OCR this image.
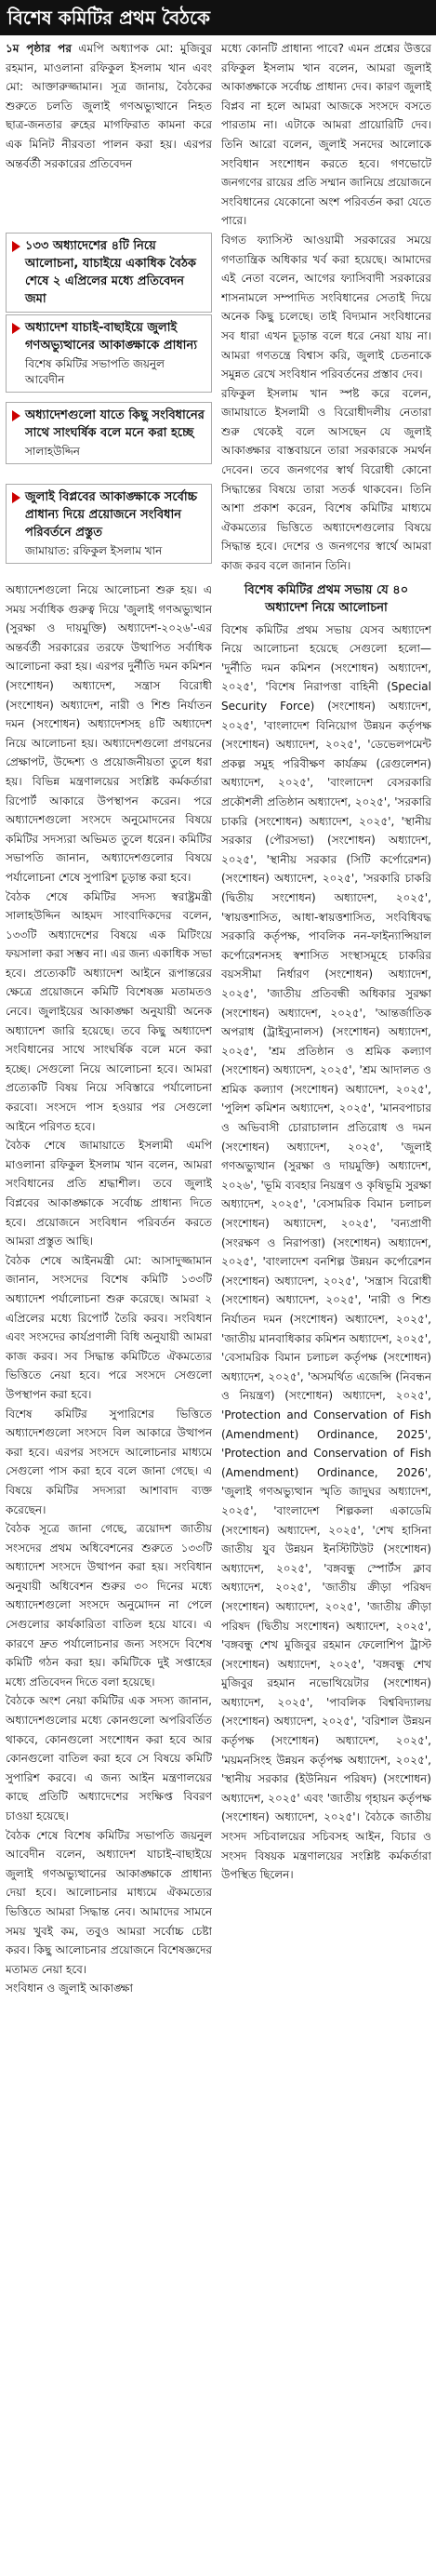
বিশেষ কমিটির প্রথম বৈঠকে

১ম পৃষ্ঠার পর এমপি অধ্যাপক মো: মুজিবুর রহমান, মাওলানা রফিকুল ইসলাম খান এবং মো: আক্তারুজ্জামান। সূত্র জানায়, বৈঠকের শুরুতে চলতি জুলাই গণঅভ্যুত্থানে নিহত ছাত্র-জনতার রুহের মাগফিরাত কামনা করে এক মিনিট নীরবতা পালন করা হয়। এরপর অন্তর্বর্তী সরকারের প্রতিবেদন

১৩৩ অধ্যাদেশের ৪টি নিয়ে আলোচনা, যাচাইয়ে একাধিক বৈঠক শেষে ২ এপ্রিলের মধ্যে প্রতিবেদন জমা
অধ্যাদেশ যাচাই-বাছাইয়ে জুলাই গণঅভ্যুত্থানের আকাঙ্ক্ষাকে প্রাধান্য
বিশেষ কমিটির সভাপতি জয়নুল আবেদীন
অধ্যাদেশগুলো যাতে কিছু সংবিধানের সাথে সাংঘর্ষিক বলে মনে করা হচ্ছে
সালাহউদ্দিন
জুলাই বিপ্লবের আকাঙ্ক্ষাকে সর্বোচ্চ প্রাধান্য দিয়ে প্রয়োজনে সংবিধান পরিবর্তনে প্রস্তুত
জামায়াত: রফিকুল ইসলাম খান

অধ্যাদেশগুলো নিয়ে আলোচনা শুরু হয়। এ সময় সর্বাধিক গুরুত্ব দিয়ে 'জুলাই গণঅভ্যুত্থান (সুরক্ষা ও দায়মুক্তি) অধ্যাদেশ-২০২৬'-এর অন্তর্বর্তী সরকারের তরফে উত্থাপিত সর্বাধিক আলোচনা করা হয়। এরপর দুর্নীতি দমন কমিশন (সংশোধন) অধ্যাদেশ, সন্ত্রাস বিরোধী (সংশোধন) অধ্যাদেশ, নারী ও শিশু নির্যাতন দমন (সংশোধন) অধ্যাদেশসহ ৪টি অধ্যাদেশ নিয়ে আলোচনা হয়। অধ্যাদেশগুলো প্রণয়নের প্রেক্ষাপট, উদ্দেশ্য ও প্রয়োজনীয়তা তুলে ধরা হয়। বিভিন্ন মন্ত্রণালয়ের সংশ্লিষ্ট কর্মকর্তারা রিপোর্ট আকারে উপস্থাপন করেন। পরে অধ্যাদেশগুলো সংসদে অনুমোদনের বিষয়ে কমিটির সদস্যরা অভিমত তুলে ধরেন। কমিটির সভাপতি জানান, অধ্যাদেশগুলোর বিষয়ে পর্যালোচনা শেষে সুপারিশ চূড়ান্ত করা হবে।

বৈঠক শেষে কমিটির সদস্য স্বরাষ্ট্রমন্ত্রী সালাহউদ্দিন আহমদ সাংবাদিকদের বলেন, ১৩৩টি অধ্যাদেশের বিষয়ে এক মিটিংয়ে ফয়সালা করা সম্ভব না। এর জন্য একাধিক সভা হবে। প্রত্যেকটি অধ্যাদেশ আইনে রূপান্তরের ক্ষেত্রে প্রয়োজনে কমিটি বিশেষজ্ঞ মতামতও নেবে। জুলাইয়ের আকাঙ্ক্ষা অনুযায়ী অনেক অধ্যাদেশ জারি হয়েছে। তবে কিছু অধ্যাদেশ সংবিধানের সাথে সাংঘর্ষিক বলে মনে করা হচ্ছে। সেগুলো নিয়ে আলোচনা হবে। আমরা প্রত্যেকটি বিষয় নিয়ে সবিস্তারে পর্যালোচনা করবো। সংসদে পাস হওয়ার পর সেগুলো আইনে পরিণত হবে।

বৈঠক শেষে জামায়াতে ইসলামী এমপি মাওলানা রফিকুল ইসলাম খান বলেন, আমরা সংবিধানের প্রতি শ্রদ্ধাশীল। তবে জুলাই বিপ্লবের আকাঙ্ক্ষাকে সর্বোচ্চ প্রাধান্য দিতে হবে। প্রয়োজনে সংবিধান পরিবর্তন করতে আমরা প্রস্তুত আছি।

বৈঠক শেষে আইনমন্ত্রী মো: আসাদুজ্জামান জানান, সংসদের বিশেষ কমিটি ১৩৩টি অধ্যাদেশ পর্যালোচনা শুরু করেছে। আমরা ২ এপ্রিলের মধ্যে রিপোর্ট তৈরি করব। সংবিধান এবং সংসদের কার্যপ্রণালী বিধি অনুযায়ী আমরা কাজ করব। সব সিদ্ধান্ত কমিটিতে ঐকমত্যের ভিত্তিতে নেয়া হবে। পরে সংসদে সেগুলো উপস্থাপন করা হবে।

বিশেষ কমিটির সুপারিশের ভিত্তিতে অধ্যাদেশগুলো সংসদে বিল আকারে উত্থাপন করা হবে। এরপর সংসদে আলোচনার মাধ্যমে সেগুলো পাস করা হবে বলে জানা গেছে। এ বিষয়ে কমিটির সদস্যরা আশাবাদ ব্যক্ত করেছেন।

বৈঠক সূত্রে জানা গেছে, ত্রয়োদশ জাতীয় সংসদের প্রথম অধিবেশনের শুরুতে ১৩৩টি অধ্যাদেশ সংসদে উত্থাপন করা হয়। সংবিধান অনুযায়ী অধিবেশন শুরুর ৩০ দিনের মধ্যে অধ্যাদেশগুলো সংসদে অনুমোদন না পেলে সেগুলোর কার্যকারিতা বাতিল হয়ে যাবে। এ কারণে দ্রুত পর্যালোচনার জন্য সংসদে বিশেষ কমিটি গঠন করা হয়। কমিটিকে দুই সপ্তাহের মধ্যে প্রতিবেদন দিতে বলা হয়েছে।

বৈঠকে অংশ নেয়া কমিটির এক সদস্য জানান, অধ্যাদেশগুলোর মধ্যে কোনগুলো অপরিবর্তিত থাকবে, কোনগুলো সংশোধন করা হবে আর কোনগুলো বাতিল করা হবে সে বিষয়ে কমিটি সুপারিশ করবে। এ জন্য আইন মন্ত্রণালয়ের কাছে প্রতিটি অধ্যাদেশের সংক্ষিপ্ত বিবরণ চাওয়া হয়েছে।

বৈঠক শেষে বিশেষ কমিটির সভাপতি জয়নুল আবেদীন বলেন, অধ্যাদেশ যাচাই-বাছাইয়ে জুলাই গণঅভ্যুত্থানের আকাঙ্ক্ষাকে প্রাধান্য দেয়া হবে। আলোচনার মাধ্যমে ঐকমত্যের ভিত্তিতে আমরা সিদ্ধান্ত নেব। আমাদের সামনে সময় খুবই কম, তবুও আমরা সর্বোচ্চ চেষ্টা করব। কিছু আলোচনার প্রয়োজনে বিশেষজ্ঞদের মতামত নেয়া হবে।

সংবিধান ও জুলাই আকাঙ্ক্ষা

মধ্যে কোনটি প্রাধান্য পাবে? এমন প্রশ্নের উত্তরে রফিকুল ইসলাম খান বলেন, আমরা জুলাই আকাঙ্ক্ষাকে সর্বোচ্চ প্রাধান্য দেব। কারণ জুলাই বিপ্লব না হলে আমরা আজকে সংসদে বসতে পারতাম না। এটাকে আমরা প্রায়োরিটি দেব। তিনি আরো বলেন, জুলাই সনদের আলোকে সংবিধান সংশোধন করতে হবে। গণভোটে জনগণের রায়ের প্রতি সম্মান জানিয়ে প্রয়োজনে সংবিধানের যেকোনো অংশ পরিবর্তন করা যেতে পারে।

বিগত ফ্যাসিস্ট আওয়ামী সরকারের সময়ে গণতান্ত্রিক অধিকার খর্ব করা হয়েছে। আমাদের এই নেতা বলেন, আগের ফ্যাসিবাদী সরকারের শাসনামলে সম্পাদিত সংবিধানের সেতাই দিয়ে অনেক কিছু চলেছে। তাই বিদ্যমান সংবিধানের সব ধারা এখন চূড়ান্ত বলে ধরে নেয়া যায় না। আমরা গণতন্ত্রে বিশ্বাস করি, জুলাই চেতনাকে সমুন্নত রেখে সংবিধান পরিবর্তনের প্রস্তাব দেব।

রফিকুল ইসলাম খান স্পষ্ট করে বলেন, জামায়াতে ইসলামী ও বিরোধীদলীয় নেতারা শুরু থেকেই বলে আসছেন যে জুলাই আকাঙ্ক্ষার বাস্তবায়নে তারা সরকারকে সমর্থন দেবেন। তবে জনগণের স্বার্থ বিরোধী কোনো সিদ্ধান্তের বিষয়ে তারা সতর্ক থাকবেন। তিনি আশা প্রকাশ করেন, বিশেষ কমিটির মাধ্যমে ঐকমত্যের ভিত্তিতে অধ্যাদেশগুলোর বিষয়ে সিদ্ধান্ত হবে। দেশের ও জনগণের স্বার্থে আমরা কাজ করব বলে জানান তিনি।

বিশেষ কমিটির প্রথম সভায় যে ৪০ অধ্যাদেশ নিয়ে আলোচনা

বিশেষ কমিটির প্রথম সভায় যেসব অধ্যাদেশ নিয়ে আলোচনা হয়েছে সেগুলো হলো— 'দুর্নীতি দমন কমিশন (সংশোধন) অধ্যাদেশ, ২০২৫', 'বিশেষ নিরাপত্তা বাহিনী (Special Security Force) (সংশোধন) অধ্যাদেশ, ২০২৫', 'বাংলাদেশ বিনিয়োগ উন্নয়ন কর্তৃপক্ষ (সংশোধন) অধ্যাদেশ, ২০২৫', 'ডেভেলপমেন্ট প্রকল্প সমুহ পরিবীক্ষণ কার্যক্রম (রেগুলেশন) অধ্যাদেশ, ২০২৫', 'বাংলাদেশ বেসরকারি প্রকৌশলী প্রতিষ্ঠান অধ্যাদেশ, ২০২৫', 'সরকারি চাকরি (সংশোধন) অধ্যাদেশ, ২০২৫', 'স্থানীয় সরকার (পৌরসভা) (সংশোধন) অধ্যাদেশ, ২০২৫', 'স্থানীয় সরকার (সিটি কর্পোরেশন) (সংশোধন) অধ্যাদেশ, ২০২৫', 'সরকারি চাকরি (দ্বিতীয় সংশোধন) অধ্যাদেশ, ২০২৫', 'স্বায়ত্তশাসিত, আধা-স্বায়ত্তশাসিত, সংবিধিবদ্ধ সরকারি কর্তৃপক্ষ, পাবলিক নন-ফাইন্যান্সিয়াল কর্পোরেশনসহ স্বশাসিত সংস্থাসমূহে চাকরির বয়সসীমা নির্ধারণ (সংশোধন) অধ্যাদেশ, ২০২৫', 'জাতীয় প্রতিবন্ধী অধিকার সুরক্ষা (সংশোধন) অধ্যাদেশ, ২০২৫', 'আন্তর্জাতিক অপরাধ (ট্রাইব্যুনালস) (সংশোধন) অধ্যাদেশ, ২০২৫', 'শ্রম প্রতিষ্ঠান ও শ্রমিক কল্যাণ (সংশোধন) অধ্যাদেশ, ২০২৫', 'শ্রম আদালত ও শ্রমিক কল্যাণ (সংশোধন) অধ্যাদেশ, ২০২৫', 'পুলিশ কমিশন অধ্যাদেশ, ২০২৫', 'মানবপাচার ও অভিবাসী চোরাচালান প্রতিরোধ ও দমন (সংশোধন) অধ্যাদেশ, ২০২৫', 'জুলাই গণঅভ্যুত্থান (সুরক্ষা ও দায়মুক্তি) অধ্যাদেশ, ২০২৬', 'ভূমি ব্যবহার নিয়ন্ত্রণ ও কৃষিভূমি সুরক্ষা অধ্যাদেশ, ২০২৫', 'বেসামরিক বিমান চলাচল (সংশোধন) অধ্যাদেশ, ২০২৫', 'বন্যপ্রাণী (সংরক্ষণ ও নিরাপত্তা) (সংশোধন) অধ্যাদেশ, ২০২৫', 'বাংলাদেশ বনশিল্প উন্নয়ন কর্পোরেশন (সংশোধন) অধ্যাদেশ, ২০২৫', 'সন্ত্রাস বিরোধী (সংশোধন) অধ্যাদেশ, ২০২৫', 'নারী ও শিশু নির্যাতন দমন (সংশোধন) অধ্যাদেশ, ২০২৫', 'জাতীয় মানবাধিকার কমিশন অধ্যাদেশ, ২০২৫', 'বেসামরিক বিমান চলাচল কর্তৃপক্ষ (সংশোধন) অধ্যাদেশ, ২০২৫', 'অসমর্থিত এজেন্সি (নিবন্ধন ও নিয়ন্ত্রণ) (সংশোধন) অধ্যাদেশ, ২০২৫', 'Protection and Conservation of Fish (Amendment) Ordinance, 2025', 'Protection and Conservation of Fish (Amendment) Ordinance, 2026', 'জুলাই গণঅভ্যুত্থান স্মৃতি জাদুঘর অধ্যাদেশ, ২০২৫', 'বাংলাদেশ শিল্পকলা একাডেমি (সংশোধন) অধ্যাদেশ, ২০২৫', 'শেখ হাসিনা জাতীয় যুব উন্নয়ন ইনস্টিটিউট (সংশোধন) অধ্যাদেশ, ২০২৫', 'বঙ্গবন্ধু স্পোর্টস ক্লাব অধ্যাদেশ, ২০২৫', 'জাতীয় ক্রীড়া পরিষদ (সংশোধন) অধ্যাদেশ, ২০২৫', 'জাতীয় ক্রীড়া পরিষদ (দ্বিতীয় সংশোধন) অধ্যাদেশ, ২০২৫', 'বঙ্গবন্ধু শেখ মুজিবুর রহমান ফেলোশিপ ট্রাস্ট (সংশোধন) অধ্যাদেশ, ২০২৫', 'বঙ্গবন্ধু শেখ মুজিবুর রহমান নভোথিয়েটার (সংশোধন) অধ্যাদেশ, ২০২৫', 'পাবলিক বিশ্ববিদ্যালয় (সংশোধন) অধ্যাদেশ, ২০২৫', 'বরিশাল উন্নয়ন কর্তৃপক্ষ (সংশোধন) অধ্যাদেশ, ২০২৫', 'ময়মনসিংহ উন্নয়ন কর্তৃপক্ষ অধ্যাদেশ, ২০২৫', 'স্থানীয় সরকার (ইউনিয়ন পরিষদ) (সংশোধন) অধ্যাদেশ, ২০২৫' এবং 'জাতীয় গৃহায়ন কর্তৃপক্ষ (সংশোধন) অধ্যাদেশ, ২০২৫'। বৈঠকে জাতীয় সংসদ সচিবালয়ের সচিবসহ আইন, বিচার ও সংসদ বিষয়ক মন্ত্রণালয়ের সংশ্লিষ্ট কর্মকর্তারা উপস্থিত ছিলেন।
